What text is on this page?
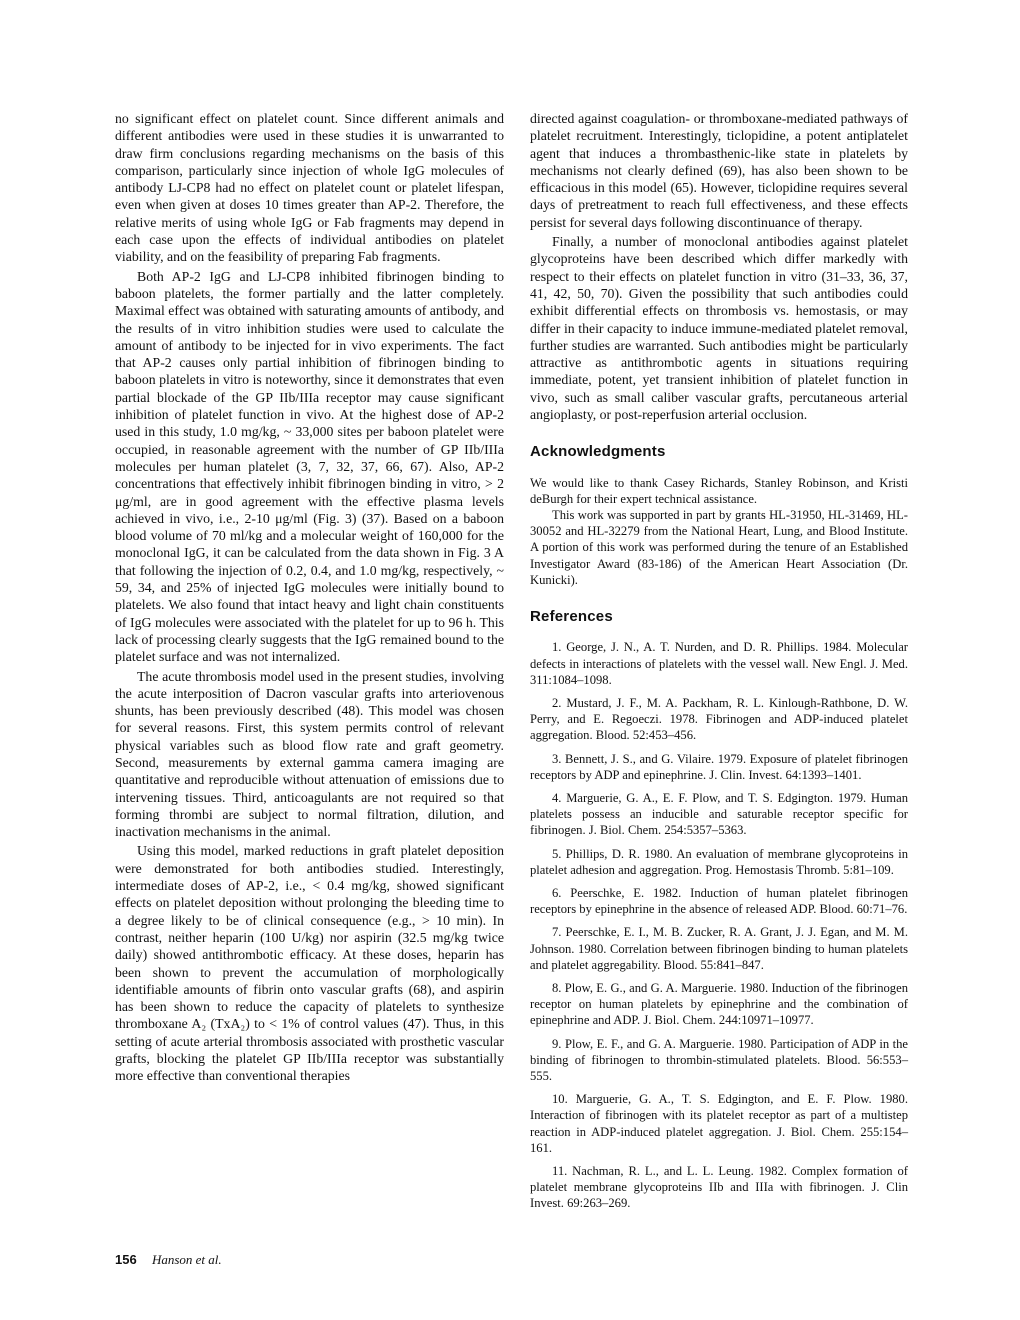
no significant effect on platelet count. Since different animals and different antibodies were used in these studies it is unwarranted to draw firm conclusions regarding mechanisms on the basis of this comparison, particularly since injection of whole IgG molecules of antibody LJ-CP8 had no effect on platelet count or platelet lifespan, even when given at doses 10 times greater than AP-2. Therefore, the relative merits of using whole IgG or Fab fragments may depend in each case upon the effects of individual antibodies on platelet viability, and on the feasibility of preparing Fab fragments.

Both AP-2 IgG and LJ-CP8 inhibited fibrinogen binding to baboon platelets, the former partially and the latter completely. Maximal effect was obtained with saturating amounts of antibody, and the results of in vitro inhibition studies were used to calculate the amount of antibody to be injected for in vivo experiments. The fact that AP-2 causes only partial inhibition of fibrinogen binding to baboon platelets in vitro is noteworthy, since it demonstrates that even partial blockade of the GP IIb/IIIa receptor may cause significant inhibition of platelet function in vivo. At the highest dose of AP-2 used in this study, 1.0 mg/kg, ~ 33,000 sites per baboon platelet were occupied, in reasonable agreement with the number of GP IIb/IIIa molecules per human platelet (3, 7, 32, 37, 66, 67). Also, AP-2 concentrations that effectively inhibit fibrinogen binding in vitro, > 2 μg/ml, are in good agreement with the effective plasma levels achieved in vivo, i.e., 2-10 μg/ml (Fig. 3) (37). Based on a baboon blood volume of 70 ml/kg and a molecular weight of 160,000 for the monoclonal IgG, it can be calculated from the data shown in Fig. 3 A that following the injection of 0.2, 0.4, and 1.0 mg/kg, respectively, ~ 59, 34, and 25% of injected IgG molecules were initially bound to platelets. We also found that intact heavy and light chain constituents of IgG molecules were associated with the platelet for up to 96 h. This lack of processing clearly suggests that the IgG remained bound to the platelet surface and was not internalized.

The acute thrombosis model used in the present studies, involving the acute interposition of Dacron vascular grafts into arteriovenous shunts, has been previously described (48). This model was chosen for several reasons. First, this system permits control of relevant physical variables such as blood flow rate and graft geometry. Second, measurements by external gamma camera imaging are quantitative and reproducible without attenuation of emissions due to intervening tissues. Third, anticoagulants are not required so that forming thrombi are subject to normal filtration, dilution, and inactivation mechanisms in the animal.

Using this model, marked reductions in graft platelet deposition were demonstrated for both antibodies studied. Interestingly, intermediate doses of AP-2, i.e., < 0.4 mg/kg, showed significant effects on platelet deposition without prolonging the bleeding time to a degree likely to be of clinical consequence (e.g., > 10 min). In contrast, neither heparin (100 U/kg) nor aspirin (32.5 mg/kg twice daily) showed antithrombotic efficacy. At these doses, heparin has been shown to prevent the accumulation of morphologically identifiable amounts of fibrin onto vascular grafts (68), and aspirin has been shown to reduce the capacity of platelets to synthesize thromboxane A₂ (TxA₂) to < 1% of control values (47). Thus, in this setting of acute arterial thrombosis associated with prosthetic vascular grafts, blocking the platelet GP IIb/IIIa receptor was substantially more effective than conventional therapies

directed against coagulation- or thromboxane-mediated pathways of platelet recruitment. Interestingly, ticlopidine, a potent antiplatelet agent that induces a thrombasthenic-like state in platelets by mechanisms not clearly defined (69), has also been shown to be efficacious in this model (65). However, ticlopidine requires several days of pretreatment to reach full effectiveness, and these effects persist for several days following discontinuance of therapy.

Finally, a number of monoclonal antibodies against platelet glycoproteins have been described which differ markedly with respect to their effects on platelet function in vitro (31–33, 36, 37, 41, 42, 50, 70). Given the possibility that such antibodies could exhibit differential effects on thrombosis vs. hemostasis, or may differ in their capacity to induce immune-mediated platelet removal, further studies are warranted. Such antibodies might be particularly attractive as antithrombotic agents in situations requiring immediate, potent, yet transient inhibition of platelet function in vivo, such as small caliber vascular grafts, percutaneous arterial angioplasty, or post-reperfusion arterial occlusion.

Acknowledgments

We would like to thank Casey Richards, Stanley Robinson, and Kristi deBurgh for their expert technical assistance.

This work was supported in part by grants HL-31950, HL-31469, HL-30052 and HL-32279 from the National Heart, Lung, and Blood Institute. A portion of this work was performed during the tenure of an Established Investigator Award (83-186) of the American Heart Association (Dr. Kunicki).

References
1. George, J. N., A. T. Nurden, and D. R. Phillips. 1984. Molecular defects in interactions of platelets with the vessel wall. New Engl. J. Med. 311:1084–1098.
2. Mustard, J. F., M. A. Packham, R. L. Kinlough-Rathbone, D. W. Perry, and E. Regoeczi. 1978. Fibrinogen and ADP-induced platelet aggregation. Blood. 52:453–456.
3. Bennett, J. S., and G. Vilaire. 1979. Exposure of platelet fibrinogen receptors by ADP and epinephrine. J. Clin. Invest. 64:1393–1401.
4. Marguerie, G. A., E. F. Plow, and T. S. Edgington. 1979. Human platelets possess an inducible and saturable receptor specific for fibrinogen. J. Biol. Chem. 254:5357–5363.
5. Phillips, D. R. 1980. An evaluation of membrane glycoproteins in platelet adhesion and aggregation. Prog. Hemostasis Thromb. 5:81–109.
6. Peerschke, E. 1982. Induction of human platelet fibrinogen receptors by epinephrine in the absence of released ADP. Blood. 60:71–76.
7. Peerschke, E. I., M. B. Zucker, R. A. Grant, J. J. Egan, and M. M. Johnson. 1980. Correlation between fibrinogen binding to human platelets and platelet aggregability. Blood. 55:841–847.
8. Plow, E. G., and G. A. Marguerie. 1980. Induction of the fibrinogen receptor on human platelets by epinephrine and the combination of epinephrine and ADP. J. Biol. Chem. 244:10971–10977.
9. Plow, E. F., and G. A. Marguerie. 1980. Participation of ADP in the binding of fibrinogen to thrombin-stimulated platelets. Blood. 56:553–555.
10. Marguerie, G. A., T. S. Edgington, and E. F. Plow. 1980. Interaction of fibrinogen with its platelet receptor as part of a multistep reaction in ADP-induced platelet aggregation. J. Biol. Chem. 255:154–161.
11. Nachman, R. L., and L. L. Leung. 1982. Complex formation of platelet membrane glycoproteins IIb and IIIa with fibrinogen. J. Clin Invest. 69:263–269.
156 Hanson et al.
